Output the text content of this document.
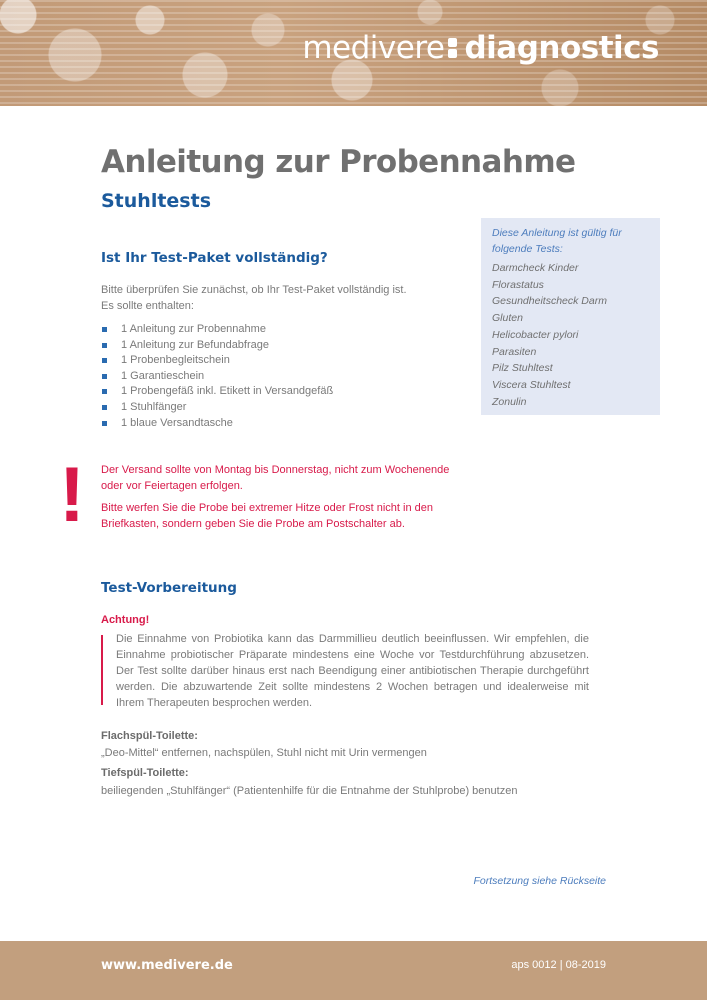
medivere diagnostics
Anleitung zur Probennahme
Stuhltests
Ist Ihr Test-Paket vollständig?

Bitte überprüfen Sie zunächst, ob Ihr Test-Paket vollständig ist.
Es sollte enthalten:

1 Anleitung zur Probennahme
1 Anleitung zur Befundabfrage
1 Probenbegleitschein
1 Garantieschein
1 Probengefäß inkl. Etikett in Versandgefäß
1 Stuhlfänger
1 blaue Versandtasche

Diese Anleitung ist gültig für folgende Tests:

Darmcheck Kinder
Florastatus
Gesundheitscheck Darm
Gluten
Helicobacter pylori
Parasiten
Pilz Stuhltest
Viscera Stuhltest
Zonulin
! Der Versand sollte von Montag bis Donnerstag, nicht zum Wochenende oder vor Feiertagen erfolgen.

Bitte werfen Sie die Probe bei extremer Hitze oder Frost nicht in den Briefkasten, sondern geben Sie die Probe am Postschalter ab.

Test-Vorbereitung

Achtung!

Die Einnahme von Probiotika kann das Darmmillieu deutlich beeinflussen. Wir empfehlen, die Einnahme probiotischer Präparate mindestens eine Woche vor Testdurchführung abzusetzen. Der Test sollte darüber hinaus erst nach Beendigung einer antibiotischen Therapie durchgeführt werden. Die abzuwartende Zeit sollte mindestens 2 Wochen betragen und idealerweise mit Ihrem Therapeuten besprochen werden.

Flachspül-Toilette:

„Deo-Mittel“ entfernen, nachspülen, Stuhl nicht mit Urin vermengen

Tiefspül-Toilette:

beiliegenden „Stuhlfänger“ (Patientenhilfe für die Entnahme der Stuhlprobe) benutzen

Fortsetzung siehe Rückseite

www.medivere.de	aps 0012 | 08-2019
